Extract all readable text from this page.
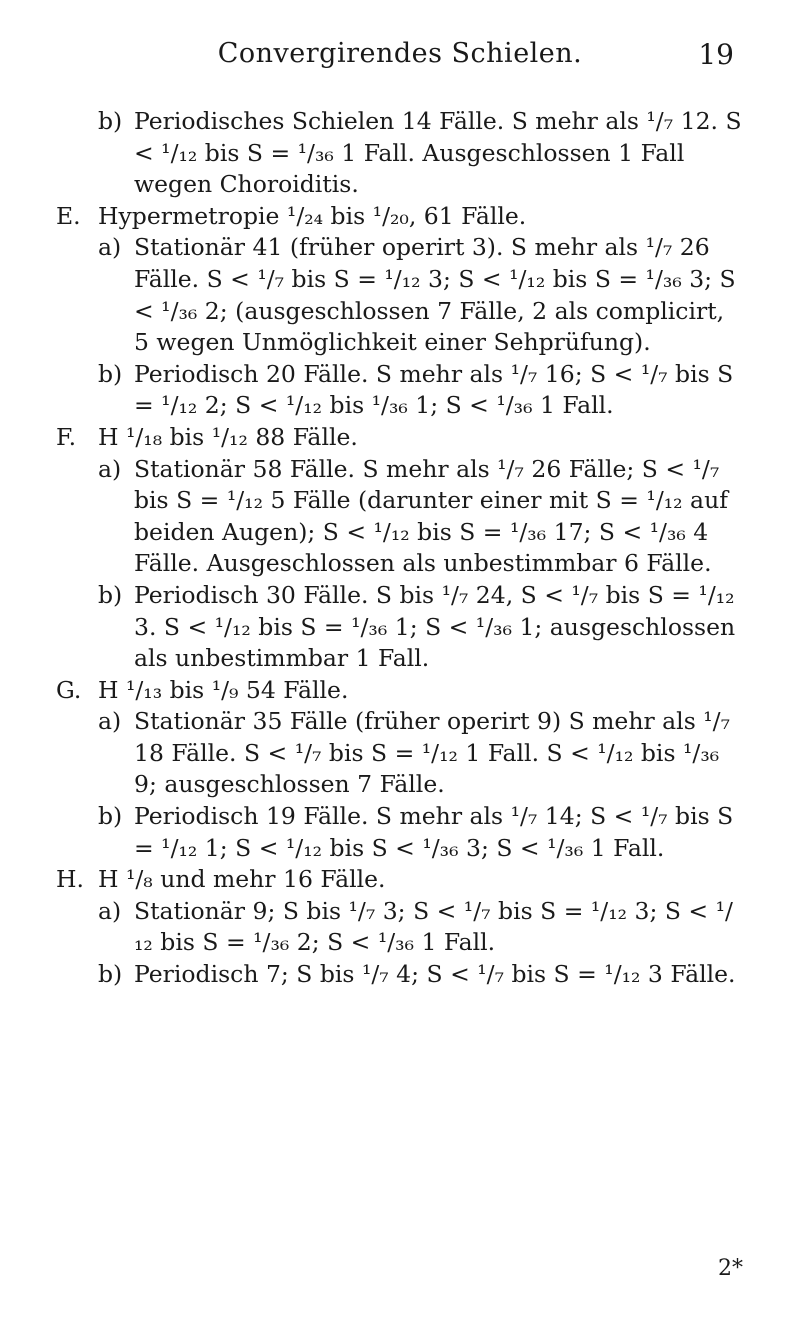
Convergirendes Schielen.	19
b) Periodisches Schielen 14 Fälle. S mehr als ¹/₇ 12. S < ¹/₁₂ bis S = ¹/₃₆ 1 Fall. Ausgeschlossen 1 Fall wegen Choroiditis.
E. Hypermetropie ¹/₂₄ bis ¹/₂₀, 61 Fälle.
a) Stationär 41 (früher operirt 3). S mehr als ¹/₇ 26 Fälle. S < ¹/₇ bis S = ¹/₁₂ 3; S < ¹/₁₂ bis S = ¹/₃₆ 3; S < ¹/₃₆ 2; (ausgeschlossen 7 Fälle, 2 als complicirt, 5 wegen Unmöglichkeit einer Sehprüfung).
b) Periodisch 20 Fälle. S mehr als ¹/₇ 16; S < ¹/₇ bis S = ¹/₁₂ 2; S < ¹/₁₂ bis ¹/₃₆ 1; S < ¹/₃₆ 1 Fall.
F. H ¹/₁₈ bis ¹/₁₂ 88 Fälle.
a) Stationär 58 Fälle. S mehr als ¹/₇ 26 Fälle; S < ¹/₇ bis S = ¹/₁₂ 5 Fälle (darunter einer mit S = ¹/₁₂ auf beiden Augen); S < ¹/₁₂ bis S = ¹/₃₆ 17; S < ¹/₃₆ 4 Fälle. Ausgeschlossen als unbestimmbar 6 Fälle.
b) Periodisch 30 Fälle. S bis ¹/₇ 24, S < ¹/₇ bis S = ¹/₁₂ 3. S < ¹/₁₂ bis S = ¹/₃₆ 1; S < ¹/₃₆ 1; ausgeschlossen als unbestimmbar 1 Fall.
G. H ¹/₁₃ bis ¹/₉ 54 Fälle.
a) Stationär 35 Fälle (früher operirt 9) S mehr als ¹/₇ 18 Fälle. S < ¹/₇ bis S = ¹/₁₂ 1 Fall. S < ¹/₁₂ bis ¹/₃₆ 9; ausgeschlossen 7 Fälle.
b) Periodisch 19 Fälle. S mehr als ¹/₇ 14; S < ¹/₇ bis S = ¹/₁₂ 1; S < ¹/₁₂ bis S < ¹/₃₆ 3; S < ¹/₃₆ 1 Fall.
H. H ¹/₈ und mehr 16 Fälle.
a) Stationär 9; S bis ¹/₇ 3; S < ¹/₇ bis S = ¹/₁₂ 3; S < ¹/₁₂ bis S = ¹/₃₆ 2; S < ¹/₃₆ 1 Fall.
b) Periodisch 7; S bis ¹/₇ 4; S < ¹/₇ bis S = ¹/₁₂ 3 Fälle.
2*
